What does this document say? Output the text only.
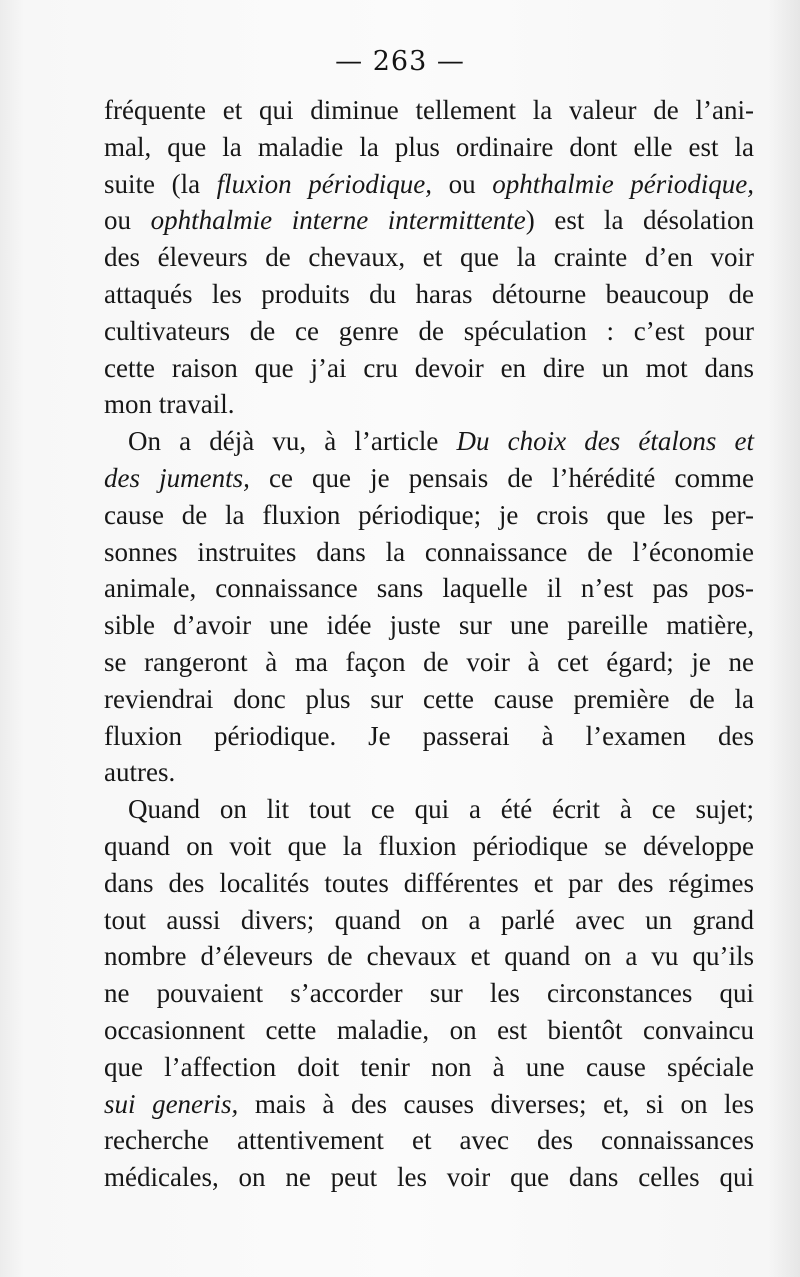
— 263 —
fréquente et qui diminue tellement la valeur de l’ani-
mal, que la maladie la plus ordinaire dont elle est la
suite (la fluxion périodique, ou ophthalmie périodique,
ou ophthalmie interne intermittente) est la désolation
des éleveurs de chevaux, et que la crainte d’en voir
attaqués les produits du haras détourne beaucoup de
cultivateurs de ce genre de spéculation : c’est pour
cette raison que j’ai cru devoir en dire un mot dans
mon travail.
On a déjà vu, à l’article Du choix des étalons et
des juments, ce que je pensais de l’hérédité comme
cause de la fluxion périodique; je crois que les per-
sonnes instruites dans la connaissance de l’économie
animale, connaissance sans laquelle il n’est pas pos-
sible d’avoir une idée juste sur une pareille matière,
se rangeront à ma façon de voir à cet égard; je ne
reviendrai donc plus sur cette cause première de la
fluxion périodique. Je passerai à l’examen des
autres.
Quand on lit tout ce qui a été écrit à ce sujet;
quand on voit que la fluxion périodique se développe
dans des localités toutes différentes et par des régimes
tout aussi divers; quand on a parlé avec un grand
nombre d’éleveurs de chevaux et quand on a vu qu’ils
ne pouvaient s’accorder sur les circonstances qui
occasionnent cette maladie, on est bientôt convaincu
que l’affection doit tenir non à une cause spéciale
sui generis, mais à des causes diverses; et, si on les
recherche attentivement et avec des connaissances
médicales, on ne peut les voir que dans celles qui
